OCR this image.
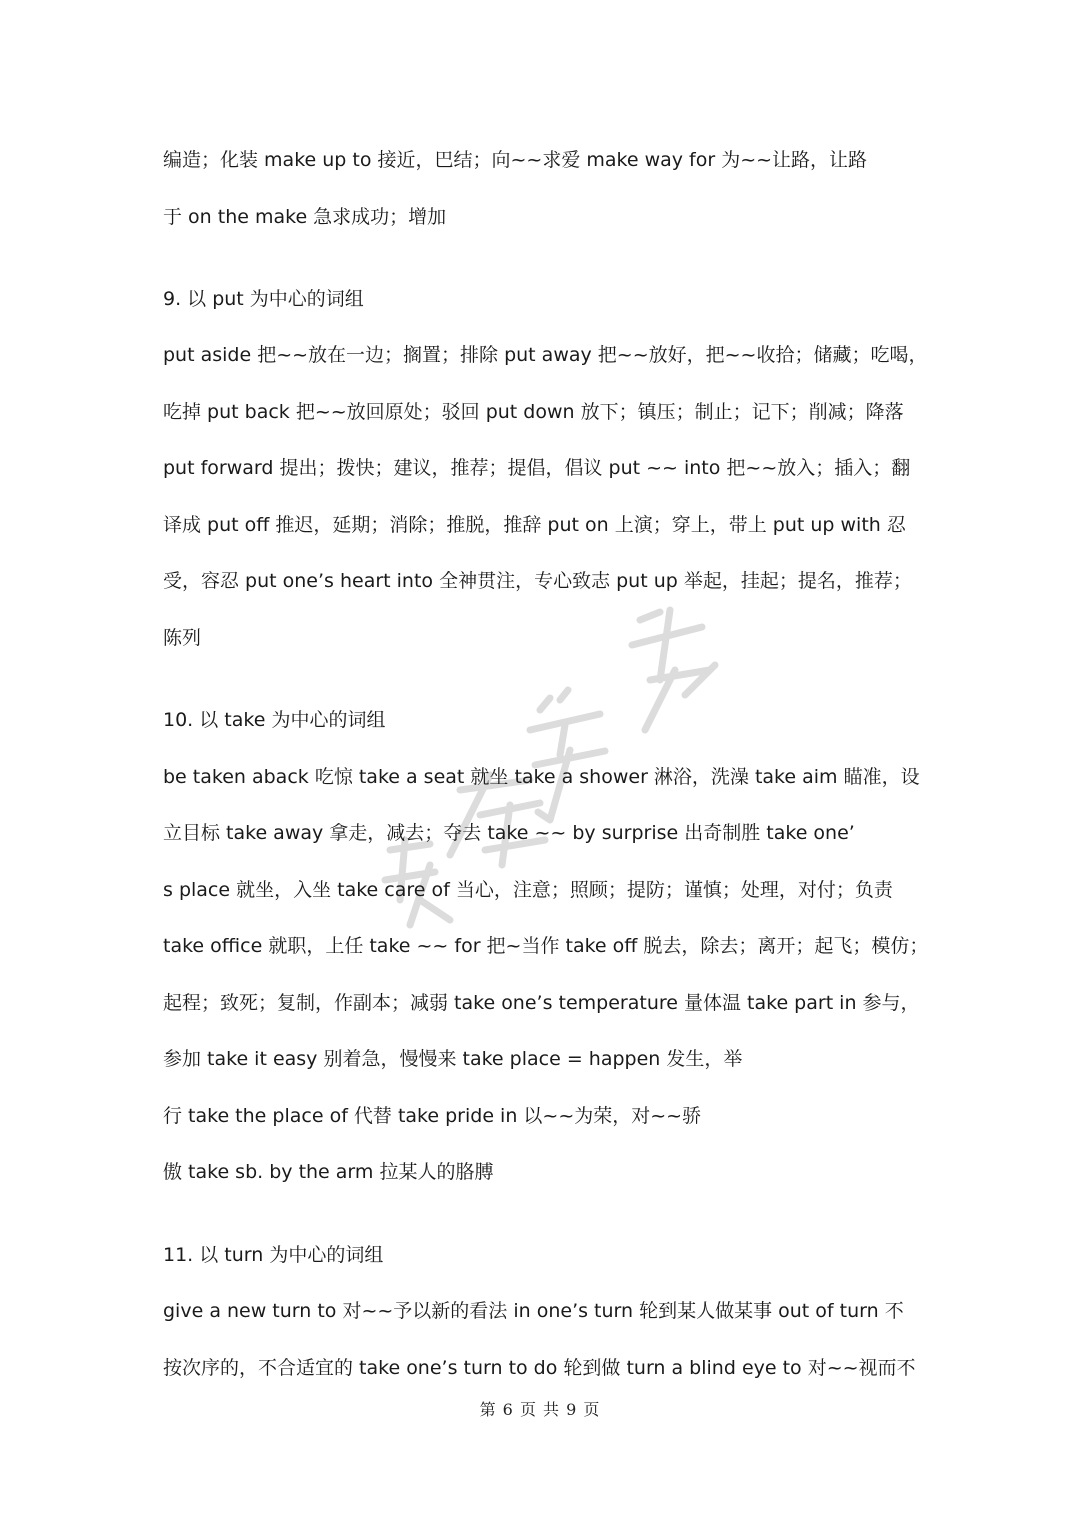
编造；化装 make up to 接近，巴结；向~~求爱 make way for 为~~让路，让路
于 on the make 急求成功；增加
9. 以 put 为中心的词组
put aside 把~~放在一边；搁置；排除 put away 把~~放好，把~~收拾；储藏；吃喝，
吃掉 put back 把~~放回原处；驳回 put down 放下；镇压；制止；记下；削减；降落
put forward 提出；拨快；建议，推荐；提倡，倡议 put ~~ into 把~~放入；插入；翻
译成 put off 推迟，延期；消除；推脱，推辞 put on 上演；穿上，带上 put up with 忍
受，容忍 put one’s heart into 全神贯注，专心致志 put up 举起，挂起；提名，推荐；
陈列
10. 以 take 为中心的词组
be taken aback 吃惊 take a seat 就坐 take a shower 淋浴，洗澡 take aim 瞄准，设
立目标 take away 拿走，减去；夺去 take ~~ by surprise 出奇制胜 take one’
s place 就坐，入坐 take care of 当心，注意；照顾；提防；谨慎；处理，对付；负责
take office 就职，上任 take ~~ for 把~当作 take off 脱去，除去；离开；起飞；模仿；
起程；致死；复制，作副本；减弱 take one’s temperature 量体温 take part in 参与，
参加 take it easy 别着急，慢慢来 take place = happen 发生，举
行 take the place of 代替 take pride in 以~~为荣，对~~骄
傲 take sb. by the arm 拉某人的胳膊
11. 以 turn 为中心的词组
give a new turn to 对~~予以新的看法 in one’s turn 轮到某人做某事 out of turn 不
按次序的，不合适宜的 take one’s turn to do 轮到做 turn a blind eye to 对~~视而不
第 6 页 共 9 页
